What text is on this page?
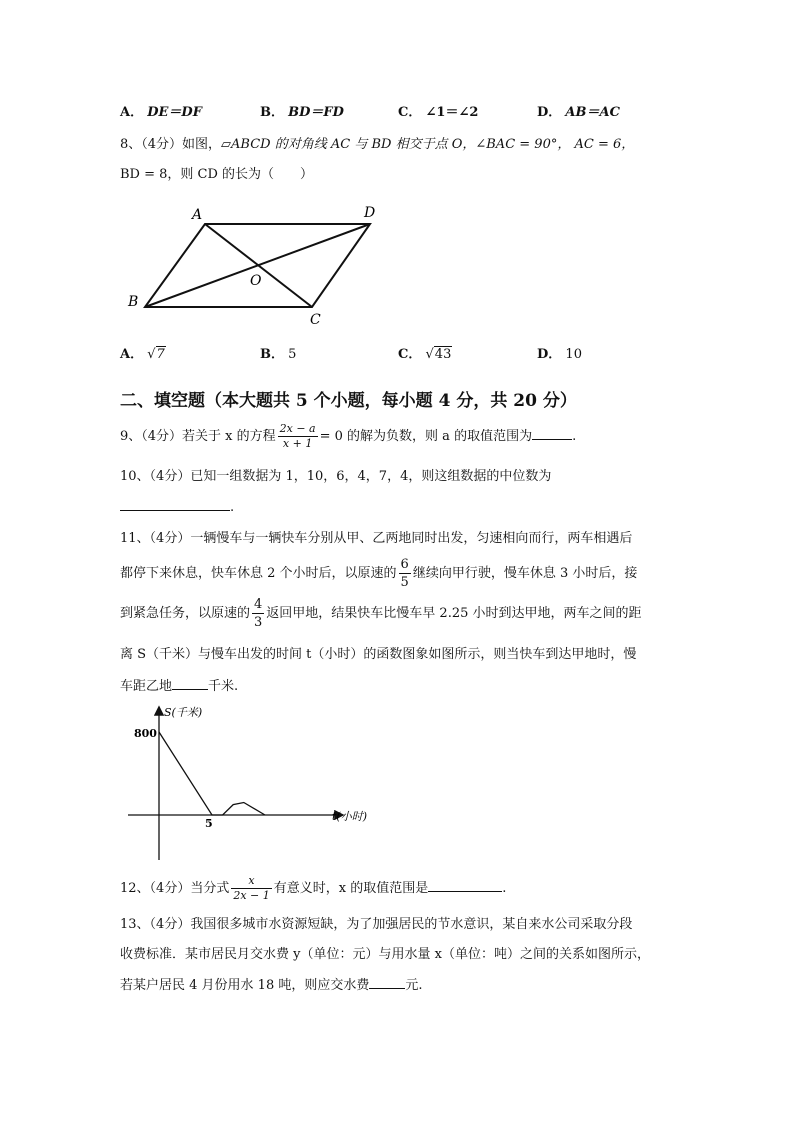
A． DE＝DF	B． BD＝FD	C． ∠1＝∠2	D． AB＝AC
8、（4分）如图，▱ABCD 的对角线 AC 与 BD 相交于点 O，∠BAC = 90°， AC = 6，
BD = 8，则 CD 的长为（　　）
A	D
B
C
O
A． √7	B． 5	C． √43	D． 10
二、填空题（本大题共 5 个小题，每小题 4 分，共 20 分）
9、（4分）若关于 x 的方程 $\frac{2x - a}{x + 1} = 0$ 的解为负数，则 a 的取值范围为	.
10、（4分）已知一组数据为 1，10，6，4，7，4，则这组数据的中位数为
.
11、（4分）一辆慢车与一辆快车分别从甲、乙两地同时出发，匀速相向而行，两车相遇后
都停下来休息，快车休息 2 个小时后，以原速的 $\frac{6}{5}$ 继续向甲行驶，慢车休息 3 小时后，接
到紧急任务，以原速的 $\frac{4}{3}$ 返回甲地，结果快车比慢车早 2.25 小时到达甲地，两车之间的距
离 S（千米）与慢车出发的时间 t（小时）的函数图象如图所示，则当快车到达甲地时，慢
车距乙地	千米.
S(千米)
t(小时)
800
5
12、（4分）当分式 $\frac{x}{2x - 1}$ 有意义时，x 的取值范围是	.
13、（4分）我国很多城市水资源短缺，为了加强居民的节水意识，某自来水公司采取分段
收费标准．某市居民月交水费 y（单位：元）与用水量 x（单位：吨）之间的关系如图所示，
若某户居民 4 月份用水 18 吨，则应交水费	元.
